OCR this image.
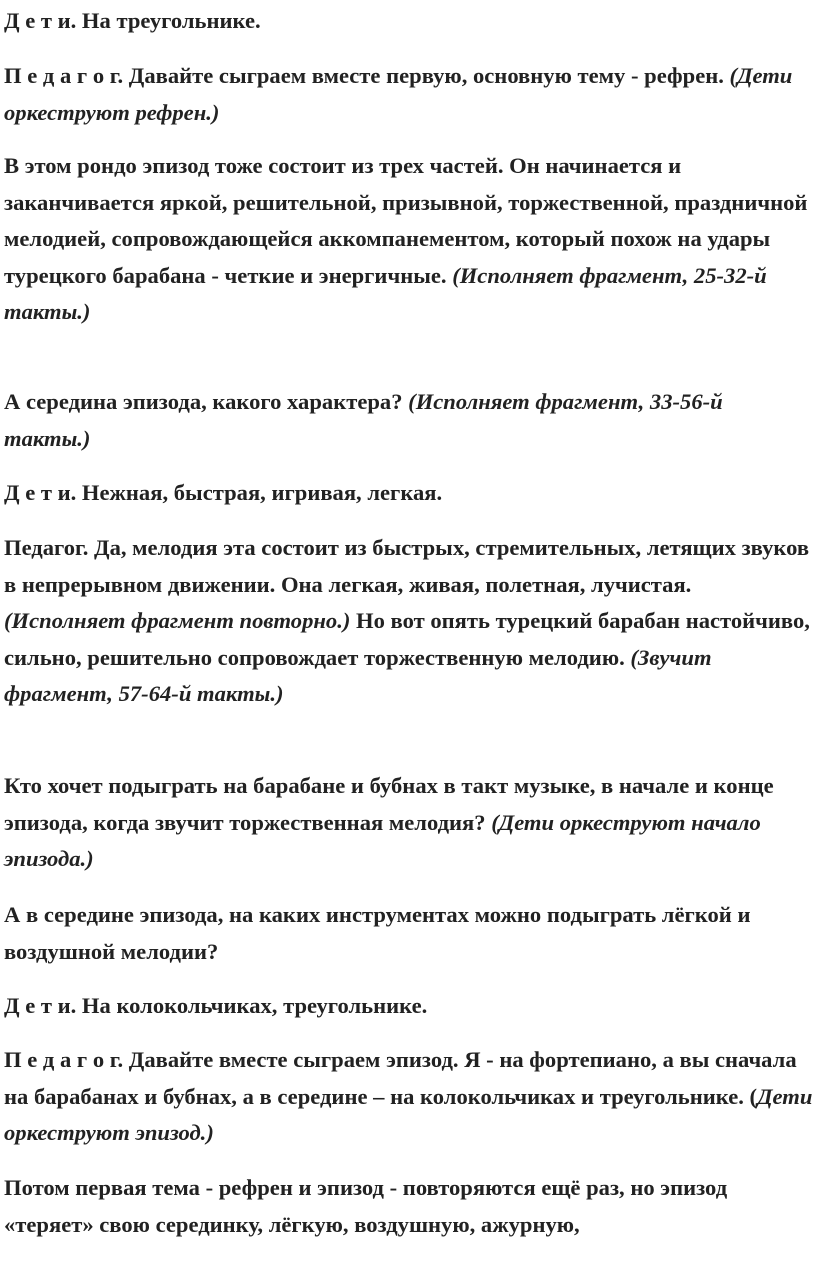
Д е т и. На треугольнике.

П е д а г о г. Давайте сыграем вместе первую, основную тему - рефрен. (Дети оркеструют рефрен.)

В этом рондо эпизод тоже состоит из трех частей. Он начинается и заканчивается яркой, решительной, призывной, торжественной, праздничной мелодией, сопровождающейся аккомпанементом, который похож на удары турецкого барабана - четкие и энергичные. (Исполняет фрагмент, 25-32-й такты.)

А середина эпизода, какого характера? (Исполняет фрагмент, 33-56-й такты.)

Д е т и. Нежная, быстрая, игривая, легкая.

Педагог. Да, мелодия эта состоит из быстрых, стремительных, летящих звуков в непрерывном движении. Она легкая, живая, полетная, лучистая. (Исполняет фрагмент повторно.) Но вот опять турецкий барабан настойчиво, сильно, решительно сопровождает торжественную мелодию. (Звучит фрагмент, 57-64-й такты.)

Кто хочет подыграть на барабане и бубнах в такт музыке, в начале и конце эпизода, когда звучит торжественная мелодия? (Дети оркеструют начало эпизода.)

А в середине эпизода, на каких инструментах можно подыграть лёгкой и воздушной мелодии?

Д е т и. На колокольчиках, треугольнике.

П е д а г о г. Давайте вместе сыграем эпизод. Я - на фортепиано, а вы сначала на барабанах и бубнах, а в середине – на колокольчиках и треугольнике. (Дети оркеструют эпизод.)

Потом первая тема - рефрен и эпизод - повторяются ещё раз, но эпизод «теряет» свою серединку, лёгкую, воздушную, ажурную,
